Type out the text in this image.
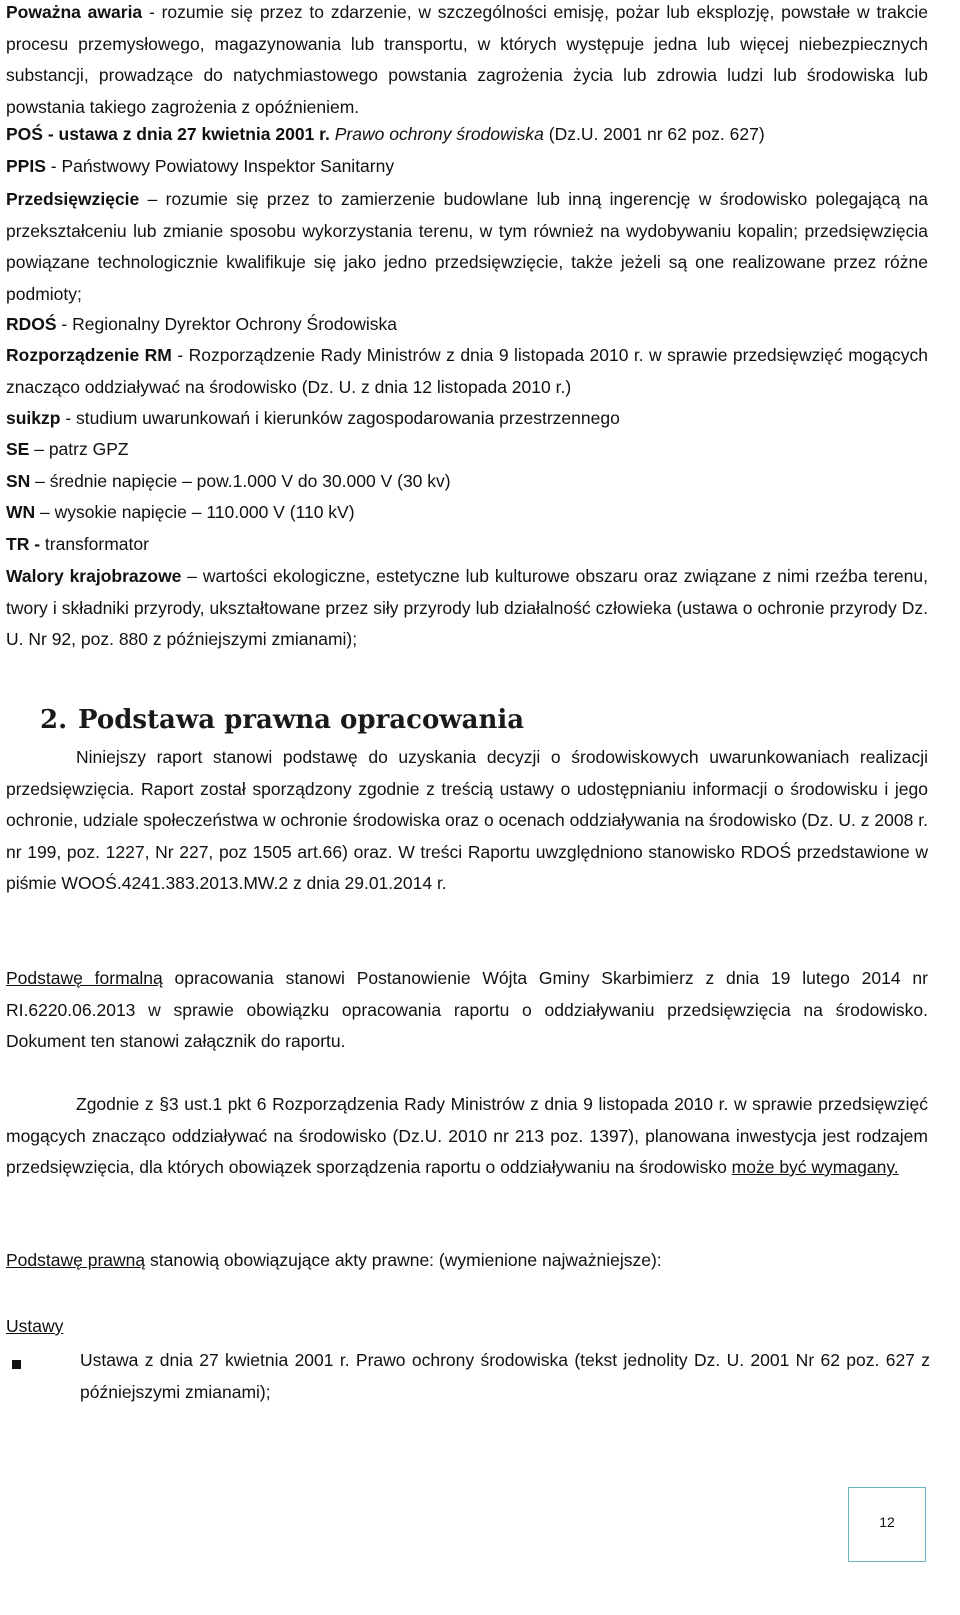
Poważna awaria - rozumie się przez to zdarzenie, w szczególności emisję, pożar lub eksplozję, powstałe w trakcie procesu przemysłowego, magazynowania lub transportu, w których występuje jedna lub więcej niebezpiecznych substancji, prowadzące do natychmiastowego powstania zagrożenia życia lub zdrowia ludzi lub środowiska lub powstania takiego zagrożenia z opóźnieniem.

POŚ - ustawa z dnia 27 kwietnia 2001 r. Prawo ochrony środowiska (Dz.U. 2001 nr 62 poz. 627)

PPIS - Państwowy Powiatowy Inspektor Sanitarny

Przedsięwzięcie – rozumie się przez to zamierzenie budowlane lub inną ingerencję w środowisko polegającą na przekształceniu lub zmianie sposobu wykorzystania terenu, w tym również na wydobywaniu kopalin; przedsięwzięcia powiązane technologicznie kwalifikuje się jako jedno przedsięwzięcie, także jeżeli są one realizowane przez różne podmioty;

RDOŚ - Regionalny Dyrektor Ochrony Środowiska

Rozporządzenie RM - Rozporządzenie Rady Ministrów z dnia 9 listopada 2010 r. w sprawie przedsięwzięć mogących znacząco oddziaływać na środowisko (Dz. U. z dnia 12 listopada 2010 r.)

suikzp - studium uwarunkowań i kierunków zagospodarowania przestrzennego

SE – patrz GPZ

SN – średnie napięcie – pow.1.000 V do 30.000 V (30 kv)

WN – wysokie napięcie – 110.000 V (110 kV)

TR - transformator

Walory krajobrazowe – wartości ekologiczne, estetyczne lub kulturowe obszaru oraz związane z nimi rzeźba terenu, twory i składniki przyrody, ukształtowane przez siły przyrody lub działalność człowieka (ustawa o ochronie przyrody Dz. U. Nr 92, poz. 880 z późniejszymi zmianami);

2. Podstawa prawna opracowania

Niniejszy raport stanowi podstawę do uzyskania decyzji o środowiskowych uwarunkowaniach realizacji przedsięwzięcia. Raport został sporządzony zgodnie z treścią ustawy o udostępnianiu informacji o środowisku i jego ochronie, udziale społeczeństwa w ochronie środowiska oraz o ocenach oddziaływania na środowisko (Dz. U. z 2008 r. nr 199, poz. 1227, Nr 227, poz 1505 art.66) oraz. W treści Raportu uwzględniono stanowisko RDOŚ przedstawione w piśmie WOOŚ.4241.383.2013.MW.2 z dnia 29.01.2014 r.

Podstawę formalną opracowania stanowi Postanowienie Wójta Gminy Skarbimierz z dnia 19 lutego 2014 nr RI.6220.06.2013 w sprawie obowiązku opracowania raportu o oddziaływaniu przedsięwzięcia na środowisko. Dokument ten stanowi załącznik do raportu.

Zgodnie z §3 ust.1 pkt 6 Rozporządzenia Rady Ministrów z dnia 9 listopada 2010 r. w sprawie przedsięwzięć mogących znacząco oddziaływać na środowisko (Dz.U. 2010 nr 213 poz. 1397), planowana inwestycja jest rodzajem przedsięwzięcia, dla których obowiązek sporządzenia raportu o oddziaływaniu na środowisko może być wymagany.

Podstawę prawną stanowią obowiązujące akty prawne: (wymienione najważniejsze):

Ustawy

Ustawa z dnia 27 kwietnia 2001 r. Prawo ochrony środowiska (tekst jednolity Dz. U. 2001 Nr 62 poz. 627 z późniejszymi zmianami);

12
